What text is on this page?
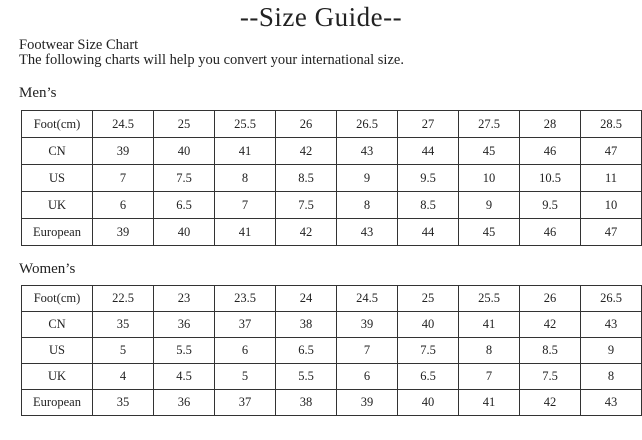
--Size Guide--
Footwear Size Chart
The following charts will help you convert your international size.
Men’s
Foot(cm)	24.5	25	25.5	26	26.5	27	27.5	28	28.5
CN	39	40	41	42	43	44	45	46	47
US	7	7.5	8	8.5	9	9.5	10	10.5	11
UK	6	6.5	7	7.5	8	8.5	9	9.5	10
European	39	40	41	42	43	44	45	46	47
Women’s
Foot(cm)	22.5	23	23.5	24	24.5	25	25.5	26	26.5
CN	35	36	37	38	39	40	41	42	43
US	5	5.5	6	6.5	7	7.5	8	8.5	9
UK	4	4.5	5	5.5	6	6.5	7	7.5	8
European	35	36	37	38	39	40	41	42	43
